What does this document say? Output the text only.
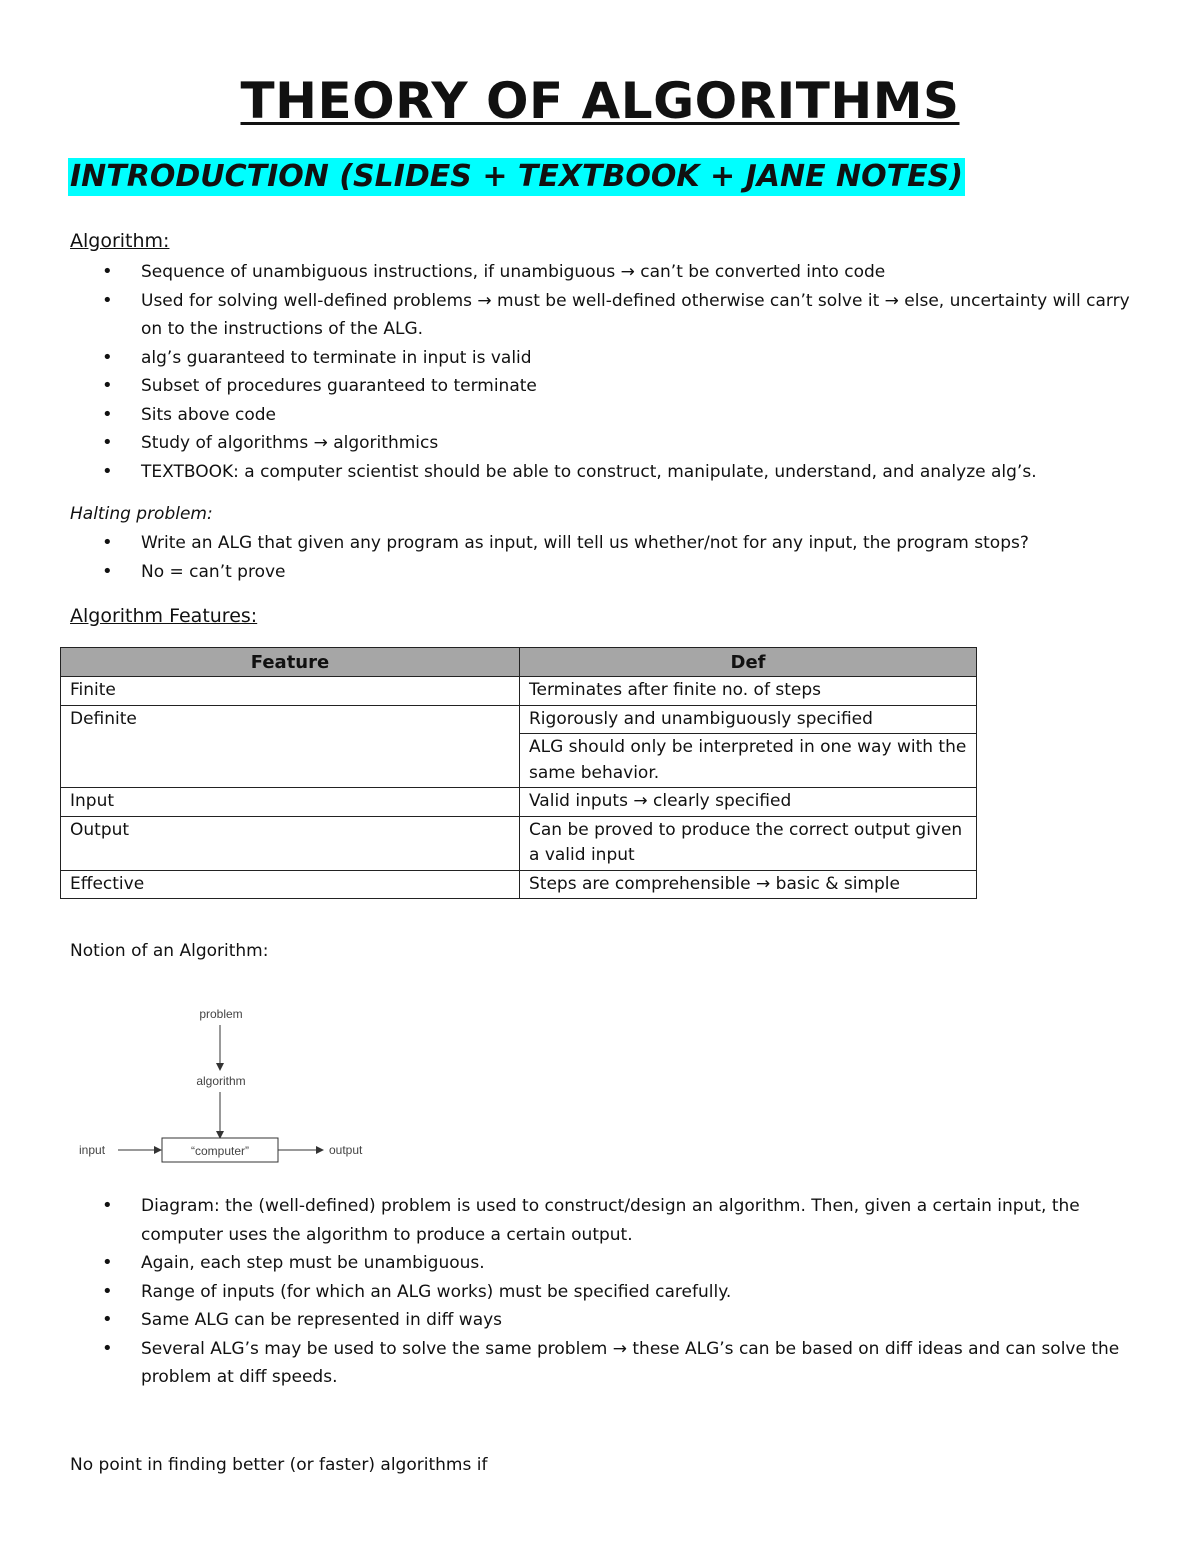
THEORY OF ALGORITHMS
INTRODUCTION (SLIDES + TEXTBOOK + JANE NOTES)
Algorithm:
• Sequence of unambiguous instructions, if unambiguous → can’t be converted into code
• Used for solving well-defined problems → must be well-defined otherwise can’t solve it → else, uncertainty will carry on to the instructions of the ALG.
• alg’s guaranteed to terminate in input is valid
• Subset of procedures guaranteed to terminate
• Sits above code
• Study of algorithms → algorithmics
• TEXTBOOK: a computer scientist should be able to construct, manipulate, understand, and analyze alg’s.
Halting problem:
• Write an ALG that given any program as input, will tell us whether/not for any input, the program stops?
• No = can’t prove
Algorithm Features:
Feature	Def
Finite	Terminates after finite no. of steps
Definite	Rigorously and unambiguously specified
	ALG should only be interpreted in one way with the same behavior.
Input	Valid inputs → clearly specified
Output	Can be proved to produce the correct output given a valid input
Effective	Steps are comprehensible → basic & simple
Notion of an Algorithm:
problem
algorithm
input	“computer”	output
• Diagram: the (well-defined) problem is used to construct/design an algorithm. Then, given a certain input, the computer uses the algorithm to produce a certain output.
• Again, each step must be unambiguous.
• Range of inputs (for which an ALG works) must be specified carefully.
• Same ALG can be represented in diff ways
• Several ALG’s may be used to solve the same problem → these ALG’s can be based on diff ideas and can solve the problem at diff speeds.
No point in finding better (or faster) algorithms if
